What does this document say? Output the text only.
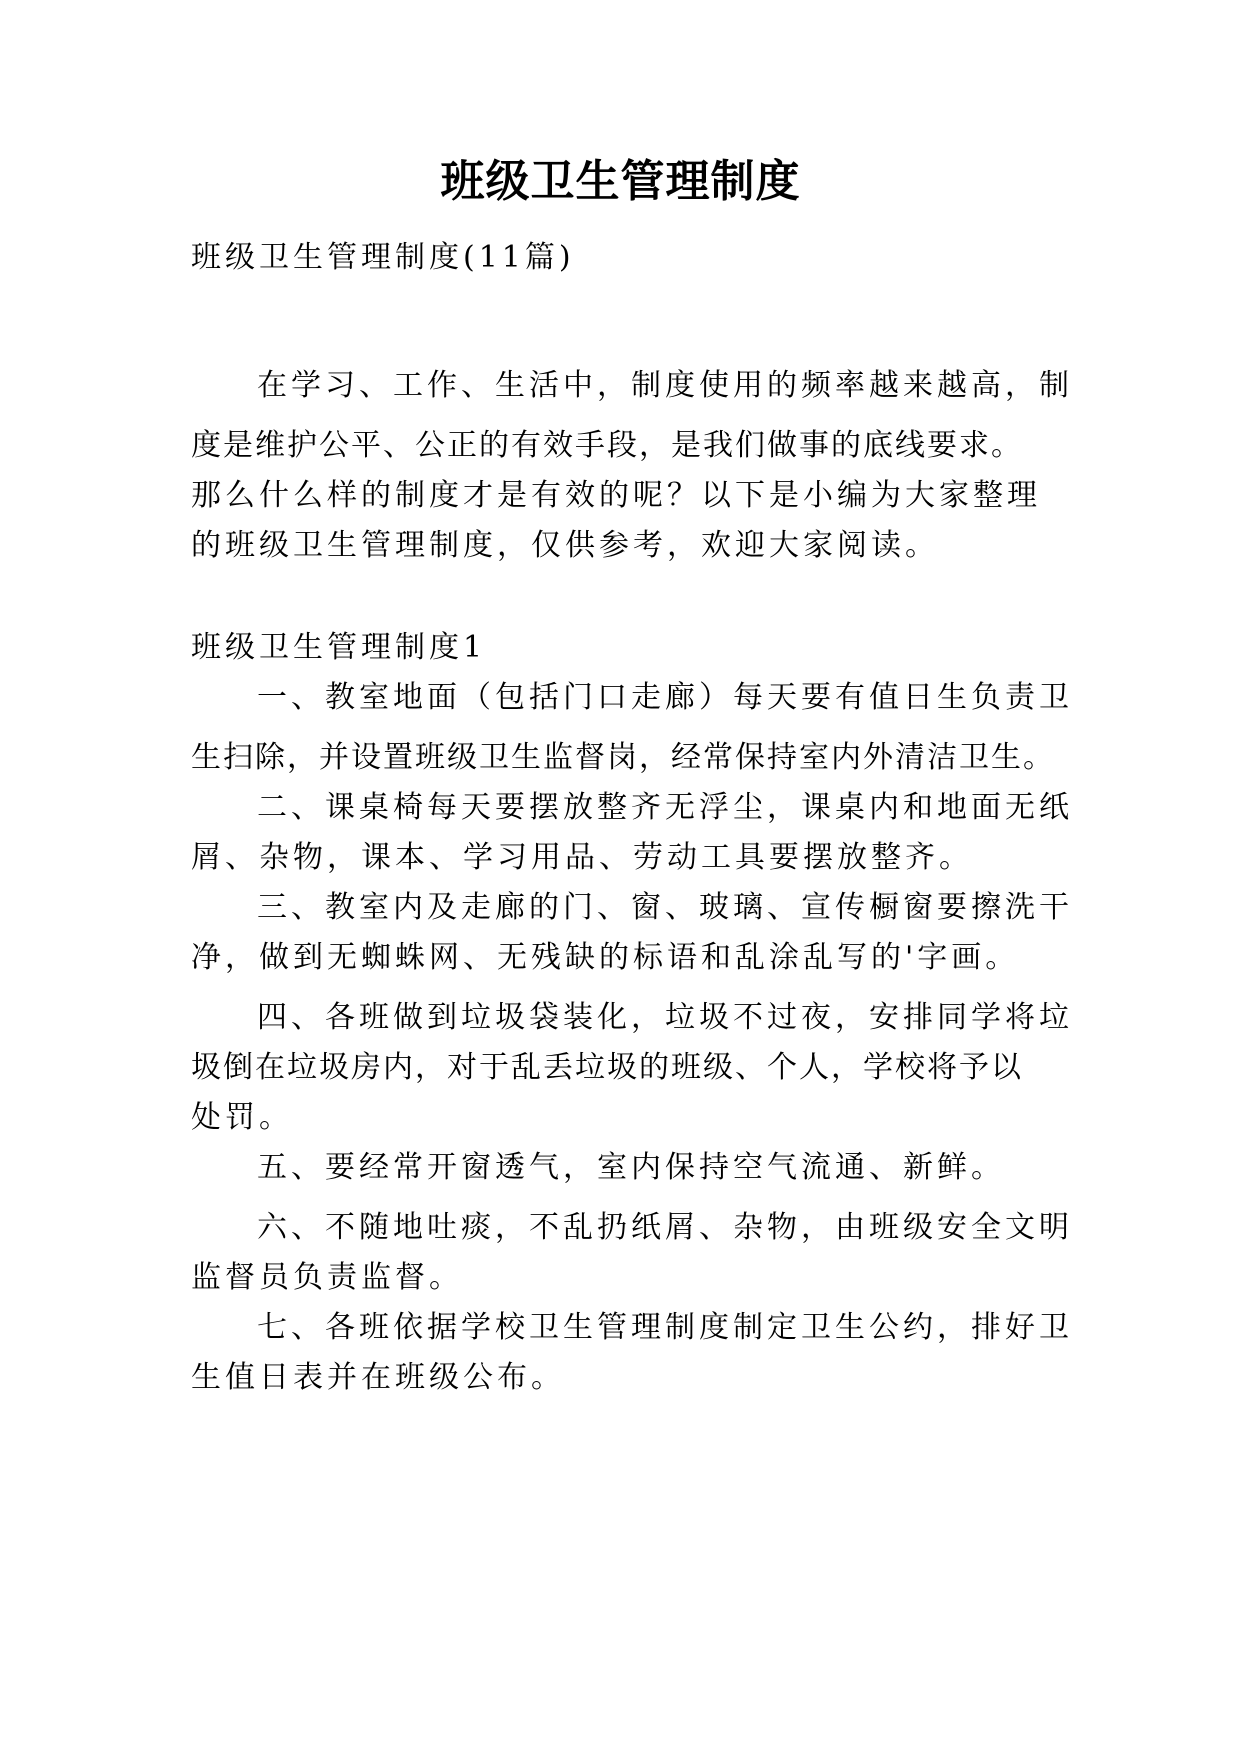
班级卫生管理制度

班级卫生管理制度(11篇)

在学习、工作、生活中，制度使用的频率越来越高，制

度是维护公平、公正的有效手段，是我们做事的底线要求。

那么什么样的制度才是有效的呢？以下是小编为大家整理

的班级卫生管理制度，仅供参考，欢迎大家阅读。

班级卫生管理制度1

一、教室地面（包括门口走廊）每天要有值日生负责卫

生扫除，并设置班级卫生监督岗，经常保持室内外清洁卫生。

二、课桌椅每天要摆放整齐无浮尘，课桌内和地面无纸

屑、杂物，课本、学习用品、劳动工具要摆放整齐。

三、教室内及走廊的门、窗、玻璃、宣传橱窗要擦洗干

净，做到无蜘蛛网、无残缺的标语和乱涂乱写的'字画。

四、各班做到垃圾袋装化，垃圾不过夜，安排同学将垃

圾倒在垃圾房内，对于乱丢垃圾的班级、个人，学校将予以

处罚。

五、要经常开窗透气，室内保持空气流通、新鲜。

六、不随地吐痰，不乱扔纸屑、杂物，由班级安全文明

监督员负责监督。

七、各班依据学校卫生管理制度制定卫生公约，排好卫

生值日表并在班级公布。
